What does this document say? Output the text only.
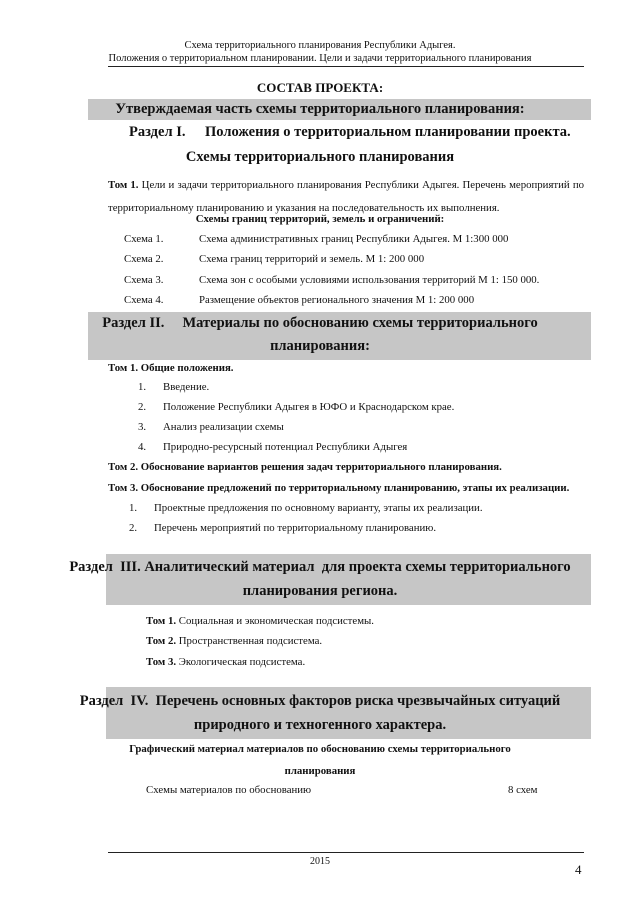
Схема территориального планирования Республики Адыгея.
Положения о территориальном планировании. Цели и задачи территориального планирования
СОСТАВ ПРОЕКТА:
Утверждаемая часть схемы территориального планирования:
Раздел I. Положения о территориальном планировании проекта.
Схемы территориального планирования
Том 1. Цели и задачи территориального планирования Республики Адыгея. Перечень мероприятий по территориальному планированию и указания на последовательность их выполнения.
Схемы границ территорий, земель и ограничений:
Схема 1.	Схема административных границ Республики Адыгея. М 1:300 000
Схема 2.	Схема границ территорий и земель. М 1: 200 000
Схема 3.	Схема зон с особыми условиями использования территорий М 1: 150 000.
Схема 4.	Размещение объектов регионального значения М 1: 200 000
Раздел II.     Материалы по обоснованию схемы территориального
планирования:
Том 1. Общие положения.
1. Введение.
2. Положение Республики Адыгея в ЮФО и Краснодарском крае.
3. Анализ реализации схемы
4. Природно-ресурсный потенциал Республики Адыгея
Том 2. Обоснование вариантов решения задач территориального планирования.
Том 3. Обоснование предложений по территориальному планированию, этапы их реализации.
1. Проектные предложения по основному варианту, этапы их реализации.
2. Перечень мероприятий по территориальному планированию.
Раздел  III. Аналитический материал  для проекта схемы территориального
планирования региона.
Том 1. Социальная и экономическая подсистемы.
Том 2. Пространственная подсистема.
Том 3. Экологическая подсистема.
Раздел  IV.  Перечень основных факторов риска чрезвычайных ситуаций
природного и техногенного характера.
Графический материал материалов по обоснованию схемы территориального
планирования
Схемы материалов по обоснованию	8 схем
2015
4
